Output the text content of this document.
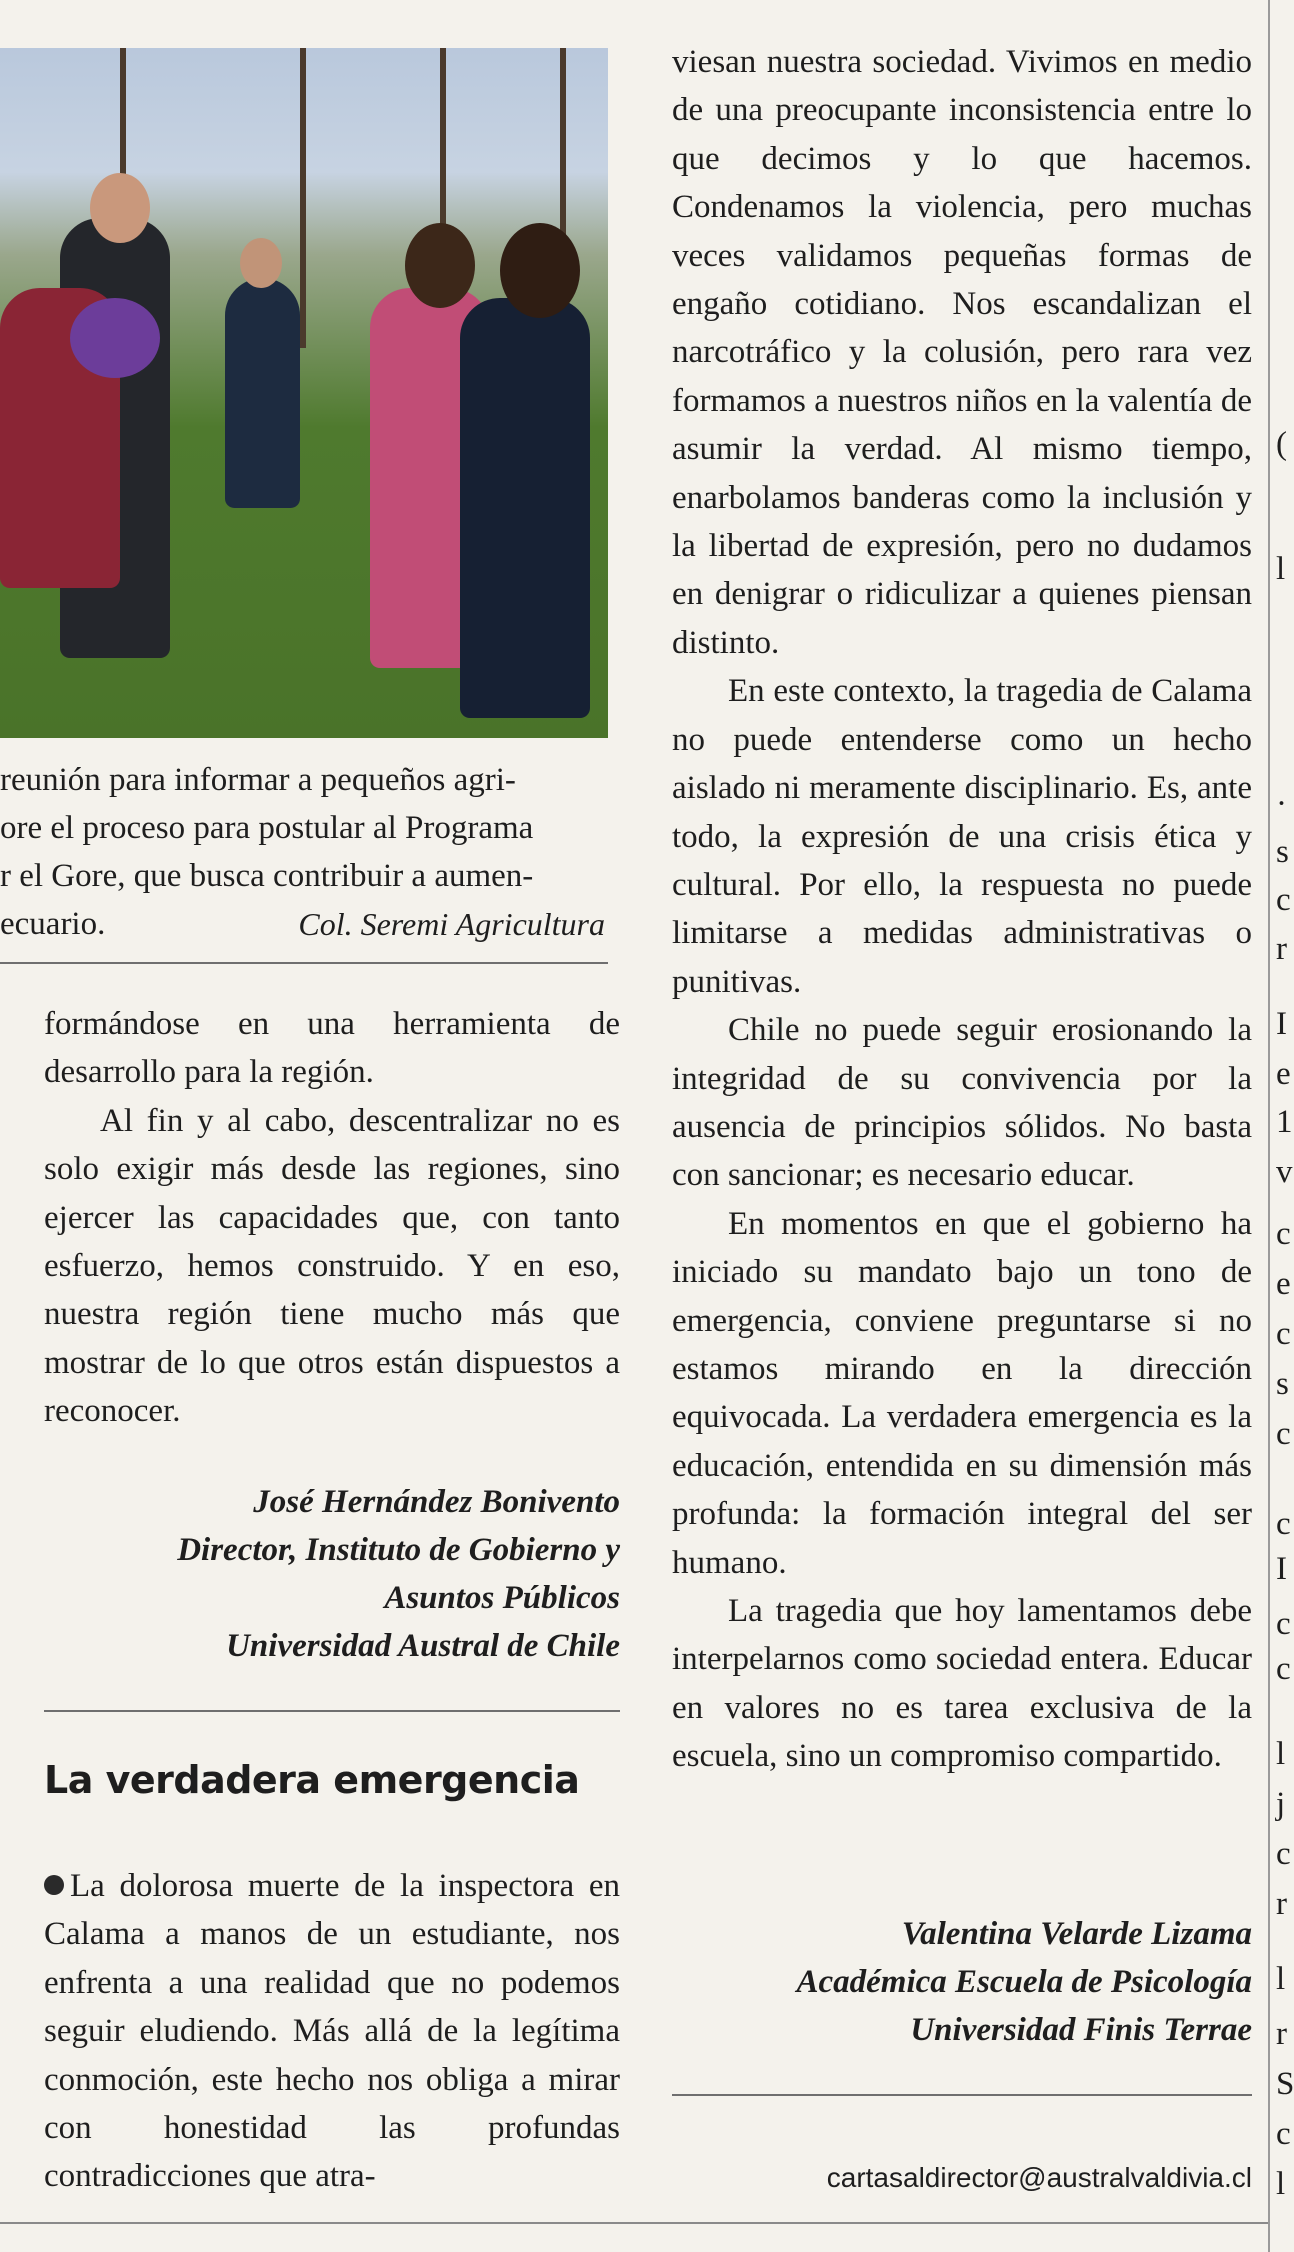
reunión para informar a pequeños agri-

ore el proceso para postular al Programa

r el Gore, que busca contribuir a aumen-

ecuario.	Col. Seremi Agricultura

formándose en una herramienta de desarrollo para la región.

Al fin y al cabo, descentralizar no es solo exigir más desde las regiones, sino ejercer las capacidades que, con tanto esfuerzo, hemos construido. Y en eso, nuestra región tiene mucho más que mostrar de lo que otros están dispuestos a reconocer.

José Hernández Bonivento

Director, Instituto de Gobierno y

Asuntos Públicos

Universidad Austral de Chile

La verdadera emergencia

La dolorosa muerte de la inspectora en Calama a manos de un estudiante, nos enfrenta a una realidad que no podemos seguir eludiendo. Más allá de la legítima conmoción, este hecho nos obliga a mirar con honestidad las profundas contradicciones que atra-

viesan nuestra sociedad. Vivimos en medio de una preocupante inconsistencia entre lo que decimos y lo que hacemos. Condenamos la violencia, pero muchas veces validamos pequeñas formas de engaño cotidiano. Nos escandalizan el narcotráfico y la colusión, pero rara vez formamos a nuestros niños en la valentía de asumir la verdad. Al mismo tiempo, enarbolamos banderas como la inclusión y la libertad de expresión, pero no dudamos en denigrar o ridiculizar a quienes piensan distinto.

En este contexto, la tragedia de Calama no puede entenderse como un hecho aislado ni meramente disciplinario. Es, ante todo, la expresión de una crisis ética y cultural. Por ello, la respuesta no puede limitarse a medidas administrativas o punitivas.

Chile no puede seguir erosionando la integridad de su convivencia por la ausencia de principios sólidos. No basta con sancionar; es necesario educar.

En momentos en que el gobierno ha iniciado su mandato bajo un tono de emergencia, conviene preguntarse si no estamos mirando en la dirección equivocada. La verdadera emergencia es la educación, entendida en su dimensión más profunda: la formación integral del ser humano.

La tragedia que hoy lamentamos debe interpelarnos como sociedad entera. Educar en valores no es tarea exclusiva de la escuela, sino un compromiso compartido.

Valentina Velarde Lizama

Académica Escuela de Psicología

Universidad Finis Terrae

cartasaldirector@australvaldivia.cl
(
l
·
s
c
r
I
e
1
v
c
e
c
s
c
c
I
c
c
l
j
c
r
l
r
S
c
l
